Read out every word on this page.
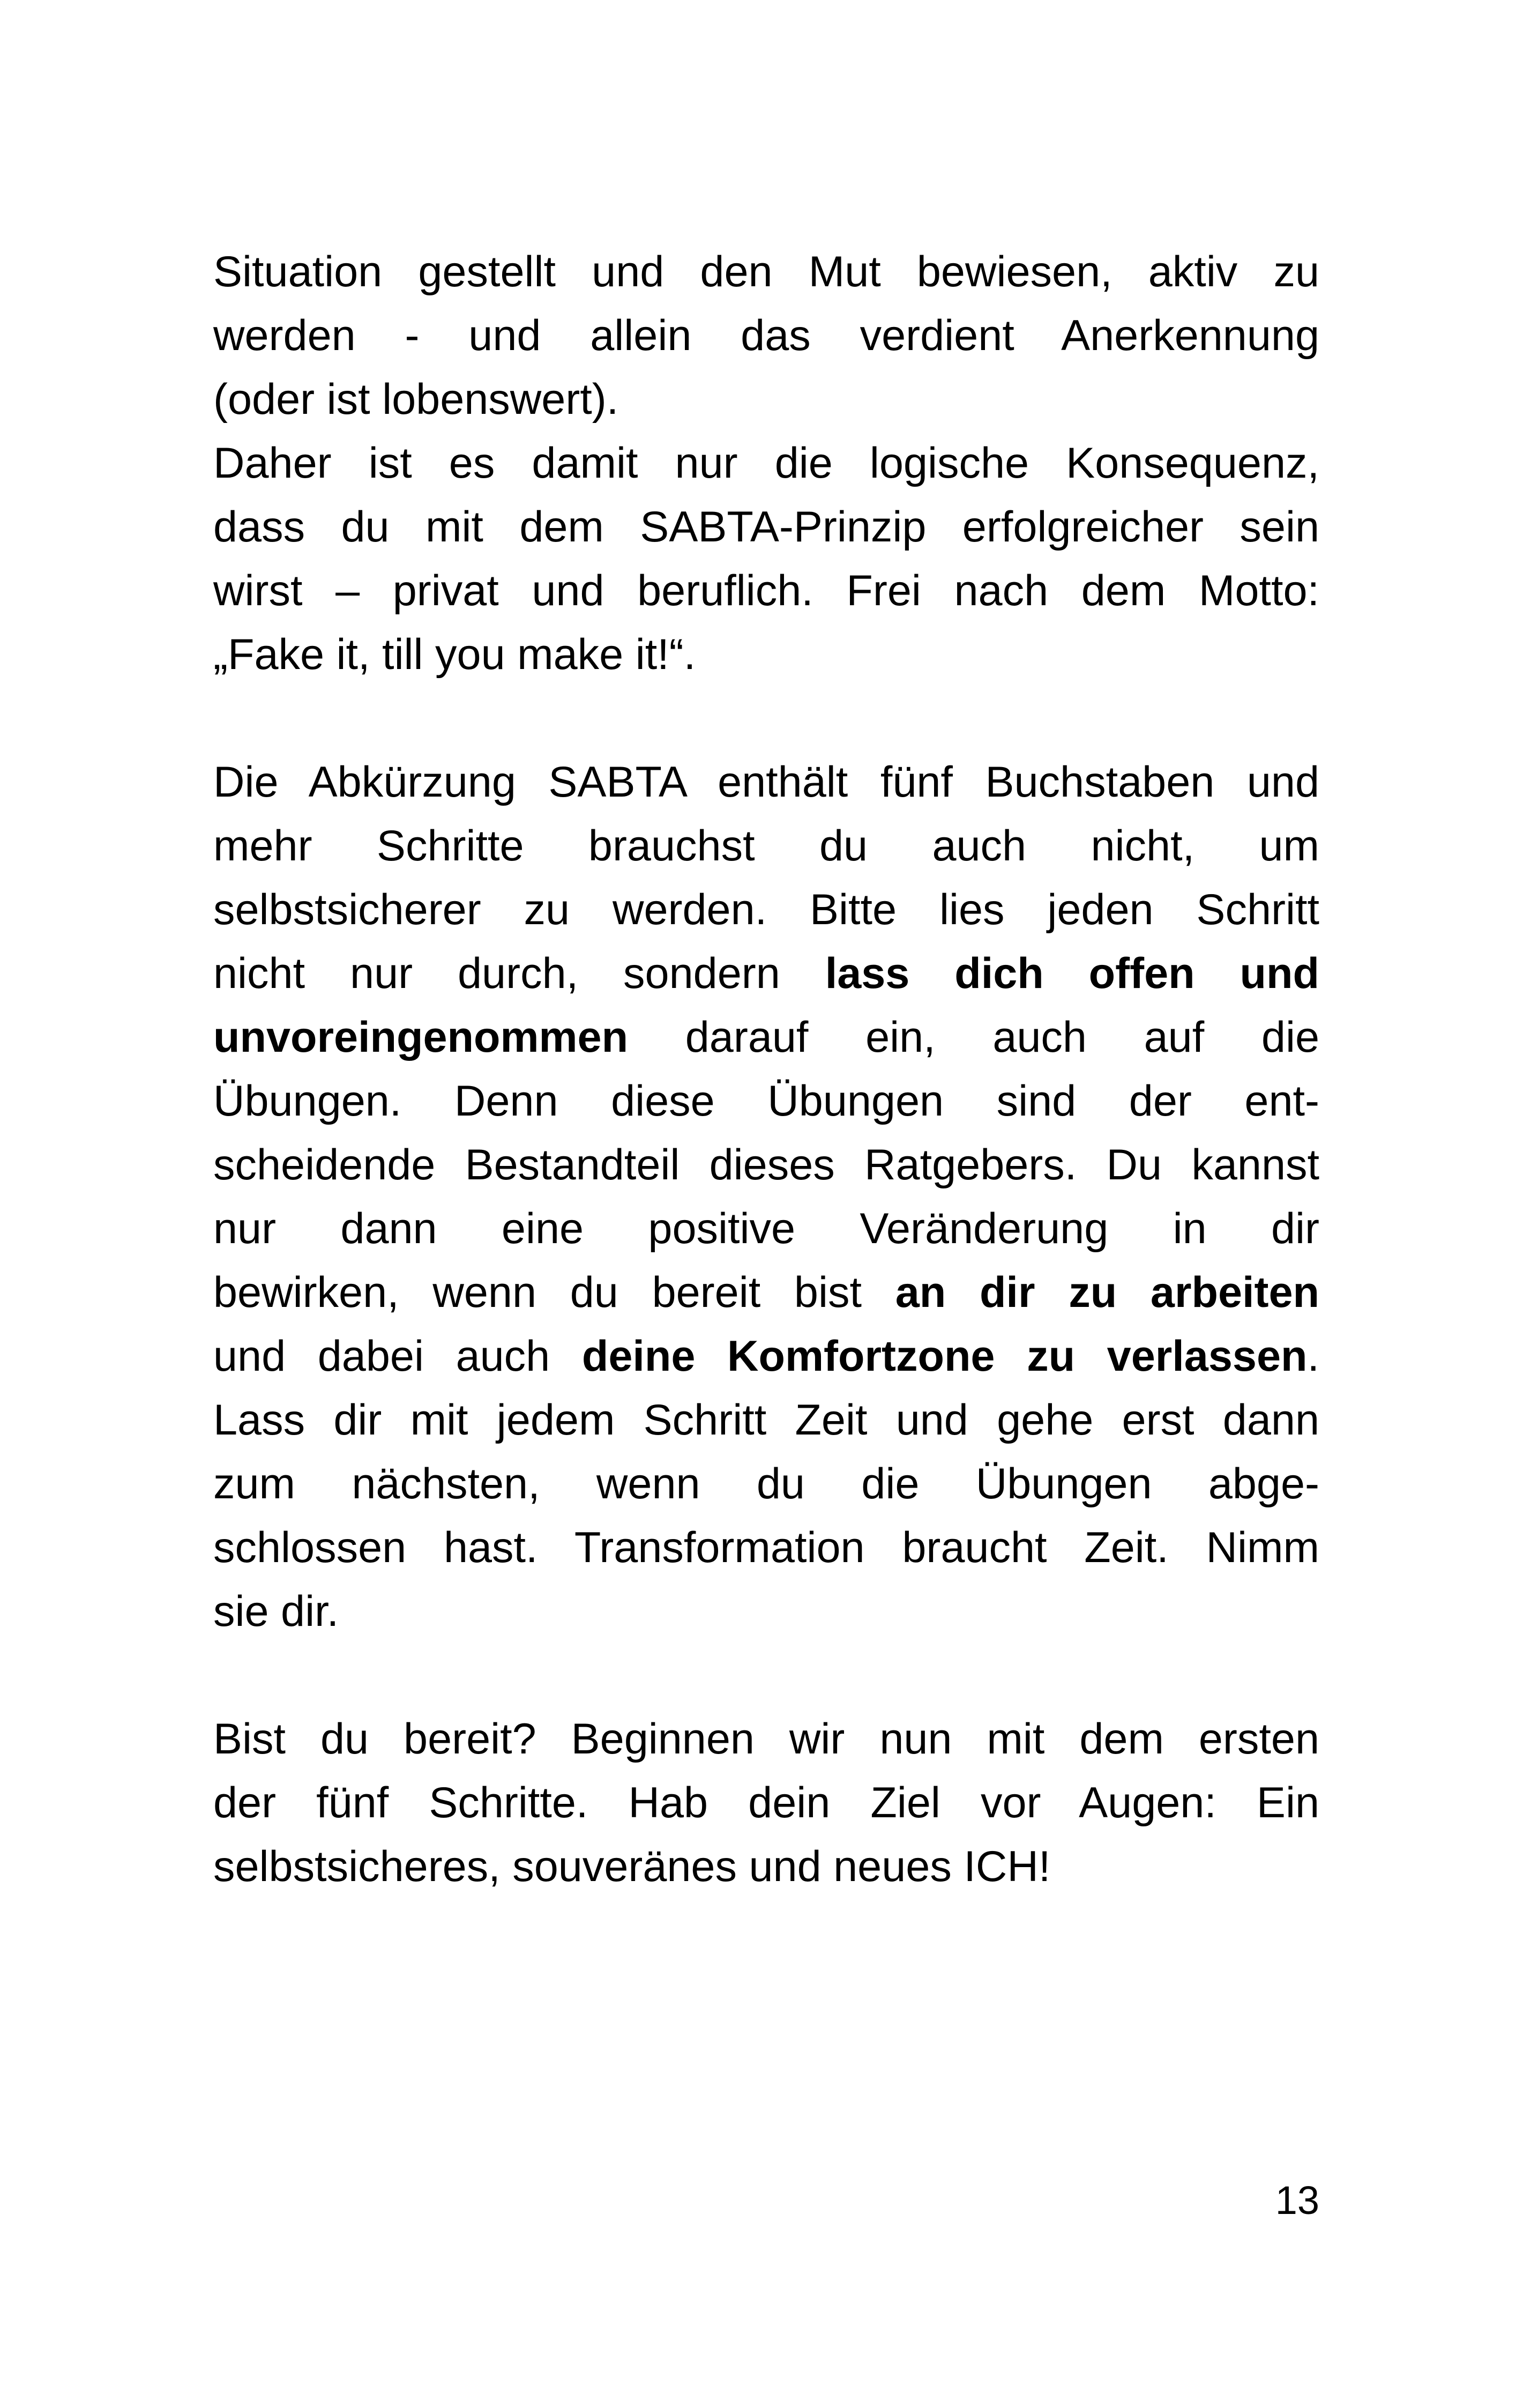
Situation gestellt und den Mut bewiesen, aktiv zu
werden - und allein das verdient Anerkennung
(oder ist lobenswert).
Daher ist es damit nur die logische Konsequenz,
dass du mit dem SABTA-Prinzip erfolgreicher sein
wirst – privat und beruflich. Frei nach dem Motto:
„Fake it, till you make it!“.
Die Abkürzung SABTA enthält fünf Buchstaben und
mehr Schritte brauchst du auch nicht, um
selbstsicherer zu werden. Bitte lies jeden Schritt
nicht nur durch, sondern lass dich offen und
unvoreingenommen darauf ein, auch auf die
Übungen. Denn diese Übungen sind der ent-
scheidende Bestandteil dieses Ratgebers. Du kannst
nur dann eine positive Veränderung in dir
bewirken, wenn du bereit bist an dir zu arbeiten
und dabei auch deine Komfortzone zu verlassen.
Lass dir mit jedem Schritt Zeit und gehe erst dann
zum nächsten, wenn du die Übungen abge-
schlossen hast. Transformation braucht Zeit. Nimm
sie dir.
Bist du bereit? Beginnen wir nun mit dem ersten
der fünf Schritte. Hab dein Ziel vor Augen: Ein
selbstsicheres, souveränes und neues ICH!
13
